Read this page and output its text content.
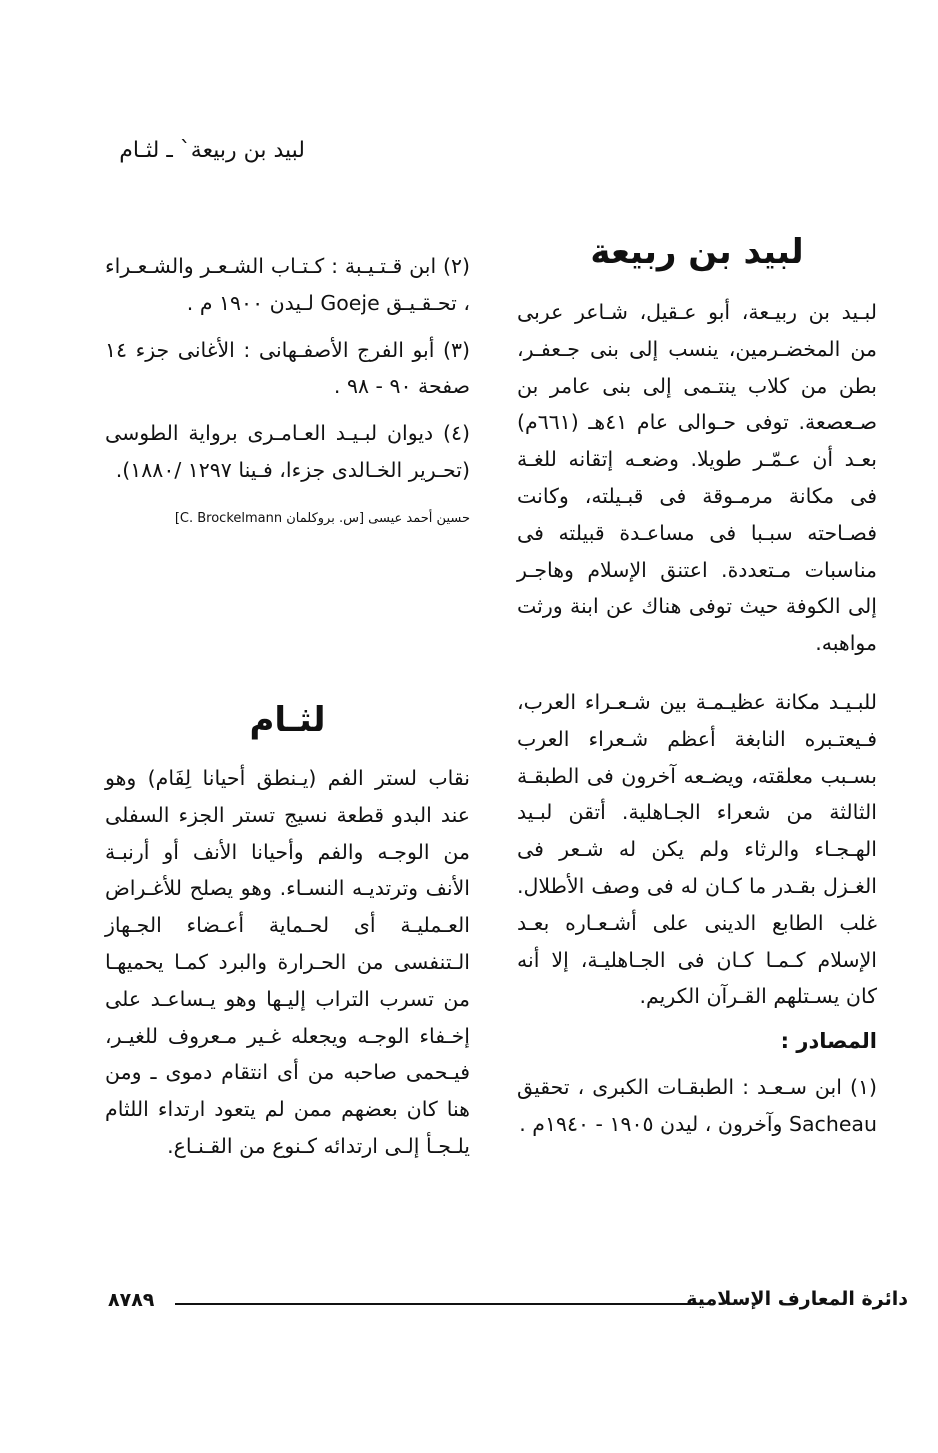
لبيد بن ربيعة` ـ لثـام
لبيد بن ربيعة

لبـيد بن ربيـعة، أبو عـقيل، شـاعر عربى من المخضـرمين، ينسب إلى بنى جـعفـر، بطن من كلاب ينتـمى إلى بنى عامر بن صـعصعة. توفى حـوالى عام ٤١هـ (٦٦١م) بعـد أن عـمّـر طويلا. وضعـه إتقانه للغـة فى مكانة مرمـوقة فى قبـيلته، وكانت فصـاحته سبـبا فى مساعـدة قبيلته فى مناسبات مـتعددة. اعتنق الإسلام وهاجـر إلى الكوفة حيث توفى هناك عن ابنة ورثت مواهبه.

للبـيـد مكانة عظيـمـة بين شـعـراء العرب، فـيعتـبره النابغة أعظم شـعراء العرب بسـبب معلقته، ويضـعه آخرون فى الطبقـة الثالثة من شعراء الجـاهلية. أتقن لبـيد الهـجـاء والرثاء ولم يكن له شـعر فى الغـزل بقـدر ما كـان له فى وصف الأطلال. غلب الطابع الدينى على أشـعـاره بعـد الإسلام كـمـا كـان فى الجـاهليـة، إلا أنه كان يسـتلهم القـرآن الكريم.

المصادر :

(١) ابن سـعـد : الطبقـات الكبرى ، تحقيق Sacheau وآخرون ، ليدن ١٩٠٥ - ١٩٤٠م .

(٢) ابن قـتـيـبة : كـتـاب الشـعـر والشـعـراء ، تحـقـيـق Goeje لـيدن ١٩٠٠ م .

(٣) أبو الفرج الأصفـهانى : الأغانى جزء ١٤ صفحة ٩٠ - ٩٨ .

(٤) ديوان لبـيـد العـامـرى برواية الطوسى (تحـرير الخـالدى جزءا، فـينا ١٢٩٧ /١٨٨٠).

حسين أحمد عيسى [س. بروكلمان C. Brockelmann]
لثـام

نقاب لستر الفم (يـنطق أحيانا لِفَام) وهو عند البدو قطعة نسيج تستر الجزء السفلى من الوجـه والفم وأحيانا الأنف أو أرنبـة الأنف وترتديـه النسـاء. وهو يصلح للأغـراض العـمليـة أى لحـماية أعـضاء الجـهاز الـتنفسى من الحـرارة والبرد كمـا يحميهـا من تسرب التراب إليـها وهو يـساعـد على إخـفاء الوجـه ويجعله غـير مـعروف للغيـر، فيـحمى صاحبه من أى انتقام دموى ـ ومن هنا كان بعضهم ممن لم يتعود ارتداء اللثام يلـجـأ إلـى ارتدائه كـنوع من القـنـاع.

دائرة المعارف الإسلامية
٨٧٨٩
